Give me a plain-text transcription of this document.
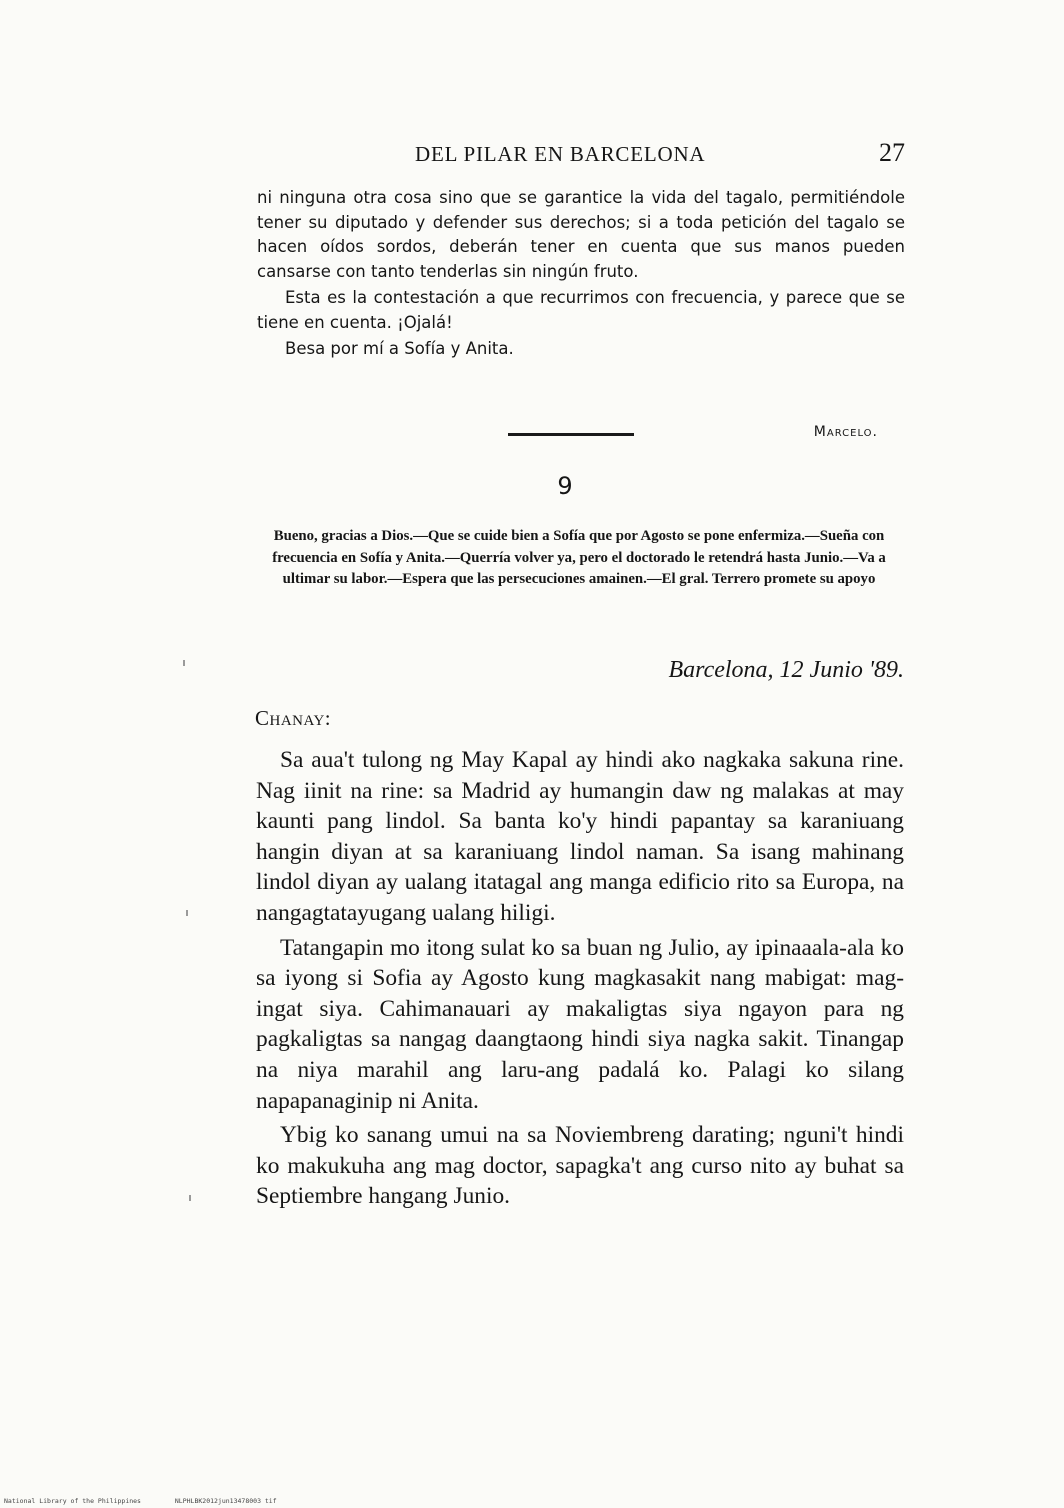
DEL PILAR EN BARCELONA	27

ni ninguna otra cosa sino que se garantice la vida del tagalo, permitiéndole tener su diputado y defender sus derechos; si a toda petición del tagalo se hacen oídos sordos, deberán tener en cuenta que sus manos pueden cansarse con tanto tenderlas sin ningún fruto.

Esta es la contestación a que recurrimos con frecuencia, y parece que se tiene en cuenta. ¡Ojalá!

Besa por mí a Sofía y Anita.

Marcelo.
9
Bueno, gracias a Dios.—Que se cuide bien a Sofía que por Agosto se pone enfermiza.—Sueña con frecuencia en Sofía y Anita.—Querría volver ya, pero el doctorado le retendrá hasta Junio.—Va a ultimar su labor.—Espera que las persecuciones amainen.—El gral. Terrero promete su apoyo
Barcelona, 12 Junio '89.
Chanay:

Sa aua't tulong ng May Kapal ay hindi ako nagkaka sakuna rine. Nag iinit na rine: sa Madrid ay humangin daw ng malakas at may kaunti pang lindol. Sa banta ko'y hindi papantay sa karaniuang hangin diyan at sa karaniuang lindol naman. Sa isang mahinang lindol diyan ay ualang itatagal ang manga edificio rito sa Europa, na nangagtatayugang ualang hiligi.

Tatangapin mo itong sulat ko sa buan ng Julio, ay ipinaaala-ala ko sa iyong si Sofia ay Agosto kung magkasakit nang mabigat: mag-ingat siya. Cahimanauari ay makaligtas siya ngayon para ng pagkaligtas sa nangag daangtaong hindi siya nagka sakit. Tinangap na niya marahil ang laru-ang padalá ko. Palagi ko silang napapanaginip ni Anita.

Ybig ko sanang umui na sa Noviembreng darating; nguni't hindi ko makukuha ang mag doctor, sapagka't ang curso nito ay buhat sa Septiembre hangang Junio.

National Library of the Philippines	NLPHLBK2012jun13478003 tif
